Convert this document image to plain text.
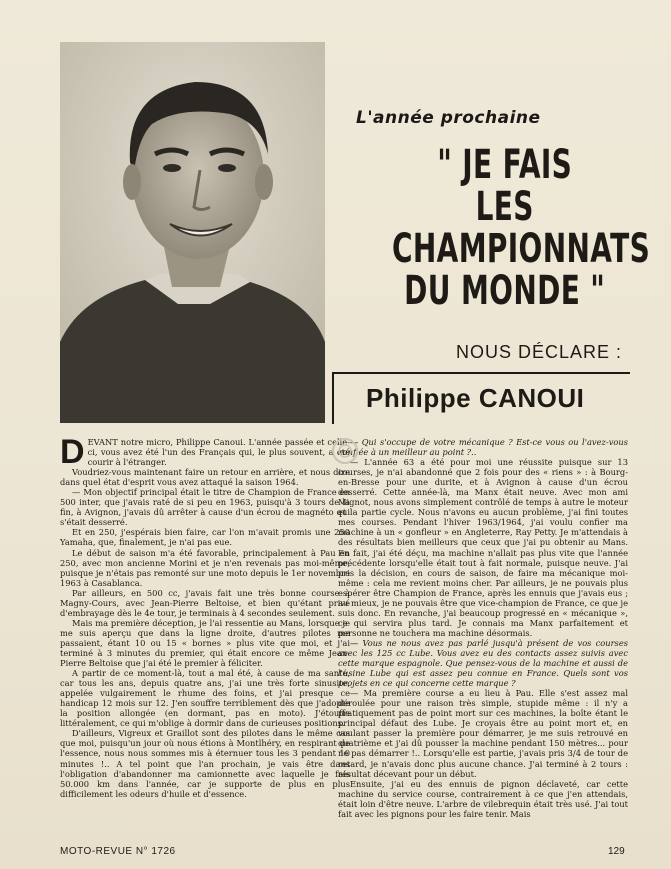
L'année prochaine
" JE FAIS
LES
CHAMPIONNATS
DU MONDE "
NOUS DÉCLARE :
Philippe CANOUI

DEVANT notre micro, Philippe Canoui. L'année passée et celle-ci, vous avez été l'un des Français qui, le plus souvent, a été courir à l'étranger.

Voudriez-vous maintenant faire un retour en arrière, et nous dire dans quel état d'esprit vous avez attaqué la saison 1964.

— Mon objectif principal était le titre de Champion de France en 500 inter, que j'avais raté de si peu en 1963, puisqu'à 3 tours de la fin, à Avignon, j'avais dû arrêter à cause d'un écrou de magnéto qui s'était desserré.

Et en 250, j'espérais bien faire, car l'on m'avait promis une 250 Yamaha, que, finalement, je n'ai pas eue.

Le début de saison m'a été favorable, principalement à Pau en 250, avec mon ancienne Morini et je n'en revenais pas moi-même, puisque je n'étais pas remonté sur une moto depuis le 1er novembre 1963 à Casablanca.

Par ailleurs, en 500 cc, j'avais fait une très bonne course à Magny-Cours, avec Jean-Pierre Beltoise, et bien qu'étant privé d'embrayage dès le 4e tour, je terminais à 4 secondes seulement.

Mais ma première déception, je l'ai ressentie au Mans, lorsque je me suis aperçu que dans la ligne droite, d'autres pilotes me passaient, étant 10 ou 15 « bornes » plus vite que moi, et j'ai terminé à 3 minutes du premier, qui était encore ce même Jean-Pierre Beltoise que j'ai été le premier à féliciter.

A partir de ce moment-là, tout a mal été, à cause de ma santé, car tous les ans, depuis quatre ans, j'ai une très forte sinusite, appelée vulgairement le rhume des foins, et j'ai presque ce handicap 12 mois sur 12. J'en souffre terriblement dès que j'adopte la position allongée (en dormant, pas en moto). J'étouffe littéralement, ce qui m'oblige à dormir dans de curieuses positions.

D'ailleurs, Vigreux et Graillot sont des pilotes dans le même cas que moi, puisqu'un jour où nous étions à Montlhéry, en respirant de l'essence, nous nous sommes mis à éternuer tous les 3 pendant 10 minutes !.. A tel point que l'an prochain, je vais être dans l'obligation d'abandonner ma camionnette avec laquelle je fais 50.000 km dans l'année, car je supporte de plus en plus difficilement les odeurs d'huile et d'essence.

— Qui s'occupe de votre mécanique ? Est-ce vous ou l'avez-vous confiée à un meilleur au point ?..

— L'année 63 a été pour moi une réussite puisque sur 13 courses, je n'ai abandonné que 2 fois pour des « riens » : à Bourg-en-Bresse pour une durite, et à Avignon à cause d'un écrou desserré. Cette année-là, ma Manx était neuve. Avec mon ami Mignot, nous avons simplement contrôlé de temps à autre le moteur et la partie cycle. Nous n'avons eu aucun problème, j'ai fini toutes mes courses. Pendant l'hiver 1963/1964, j'ai voulu confier ma machine à un « gonfleur » en Angleterre, Ray Petty. Je m'attendais à des résultats bien meilleurs que ceux que j'ai pu obtenir au Mans. En fait, j'ai été déçu, ma machine n'allait pas plus vite que l'année précédente lorsqu'elle était tout à fait normale, puisque neuve. J'ai pris la décision, en cours de saison, de faire ma mécanique moi-même : cela me revient moins cher. Par ailleurs, je ne pouvais plus espérer être Champion de France, après les ennuis que j'avais eus ; au mieux, je ne pouvais être que vice-champion de France, ce que je suis donc. En revanche, j'ai beaucoup progressé en « mécanique », ce qui servira plus tard. Je connais ma Manx parfaitement et personne ne touchera ma machine désormais.

— Vous ne nous avez pas parlé jusqu'à présent de vos courses avec les 125 cc Lube. Vous avez eu des contacts assez suivis avec cette marque espagnole. Que pensez-vous de la machine et aussi de l'usine Lube qui est assez peu connue en France. Quels sont vos projets en ce qui concerne cette marque ?

— Ma première course a eu lieu à Pau. Elle s'est assez mal déroulée pour une raison très simple, stupide même : il n'y a pratiquement pas de point mort sur ces machines, la boîte étant le principal défaut des Lube. Je croyais être au point mort et, en voulant passer la première pour démarrer, je me suis retrouvé en quatrième et j'ai dû pousser la machine pendant 150 mètres... pour ne pas démarrer !.. Lorsqu'elle est partie, j'avais pris 3/4 de tour de retard, je n'avais donc plus aucune chance. J'ai terminé à 2 tours : résultat décevant pour un début.

Ensuite, j'ai eu des ennuis de pignon déclaveté, car cette machine du service course, contrairement à ce que j'en attendais, était loin d'être neuve. L'arbre de vilebrequin était très usé. J'ai tout fait avec les pignons pour les faire tenir. Mais

MOTO-REVUE N° 1726	129
